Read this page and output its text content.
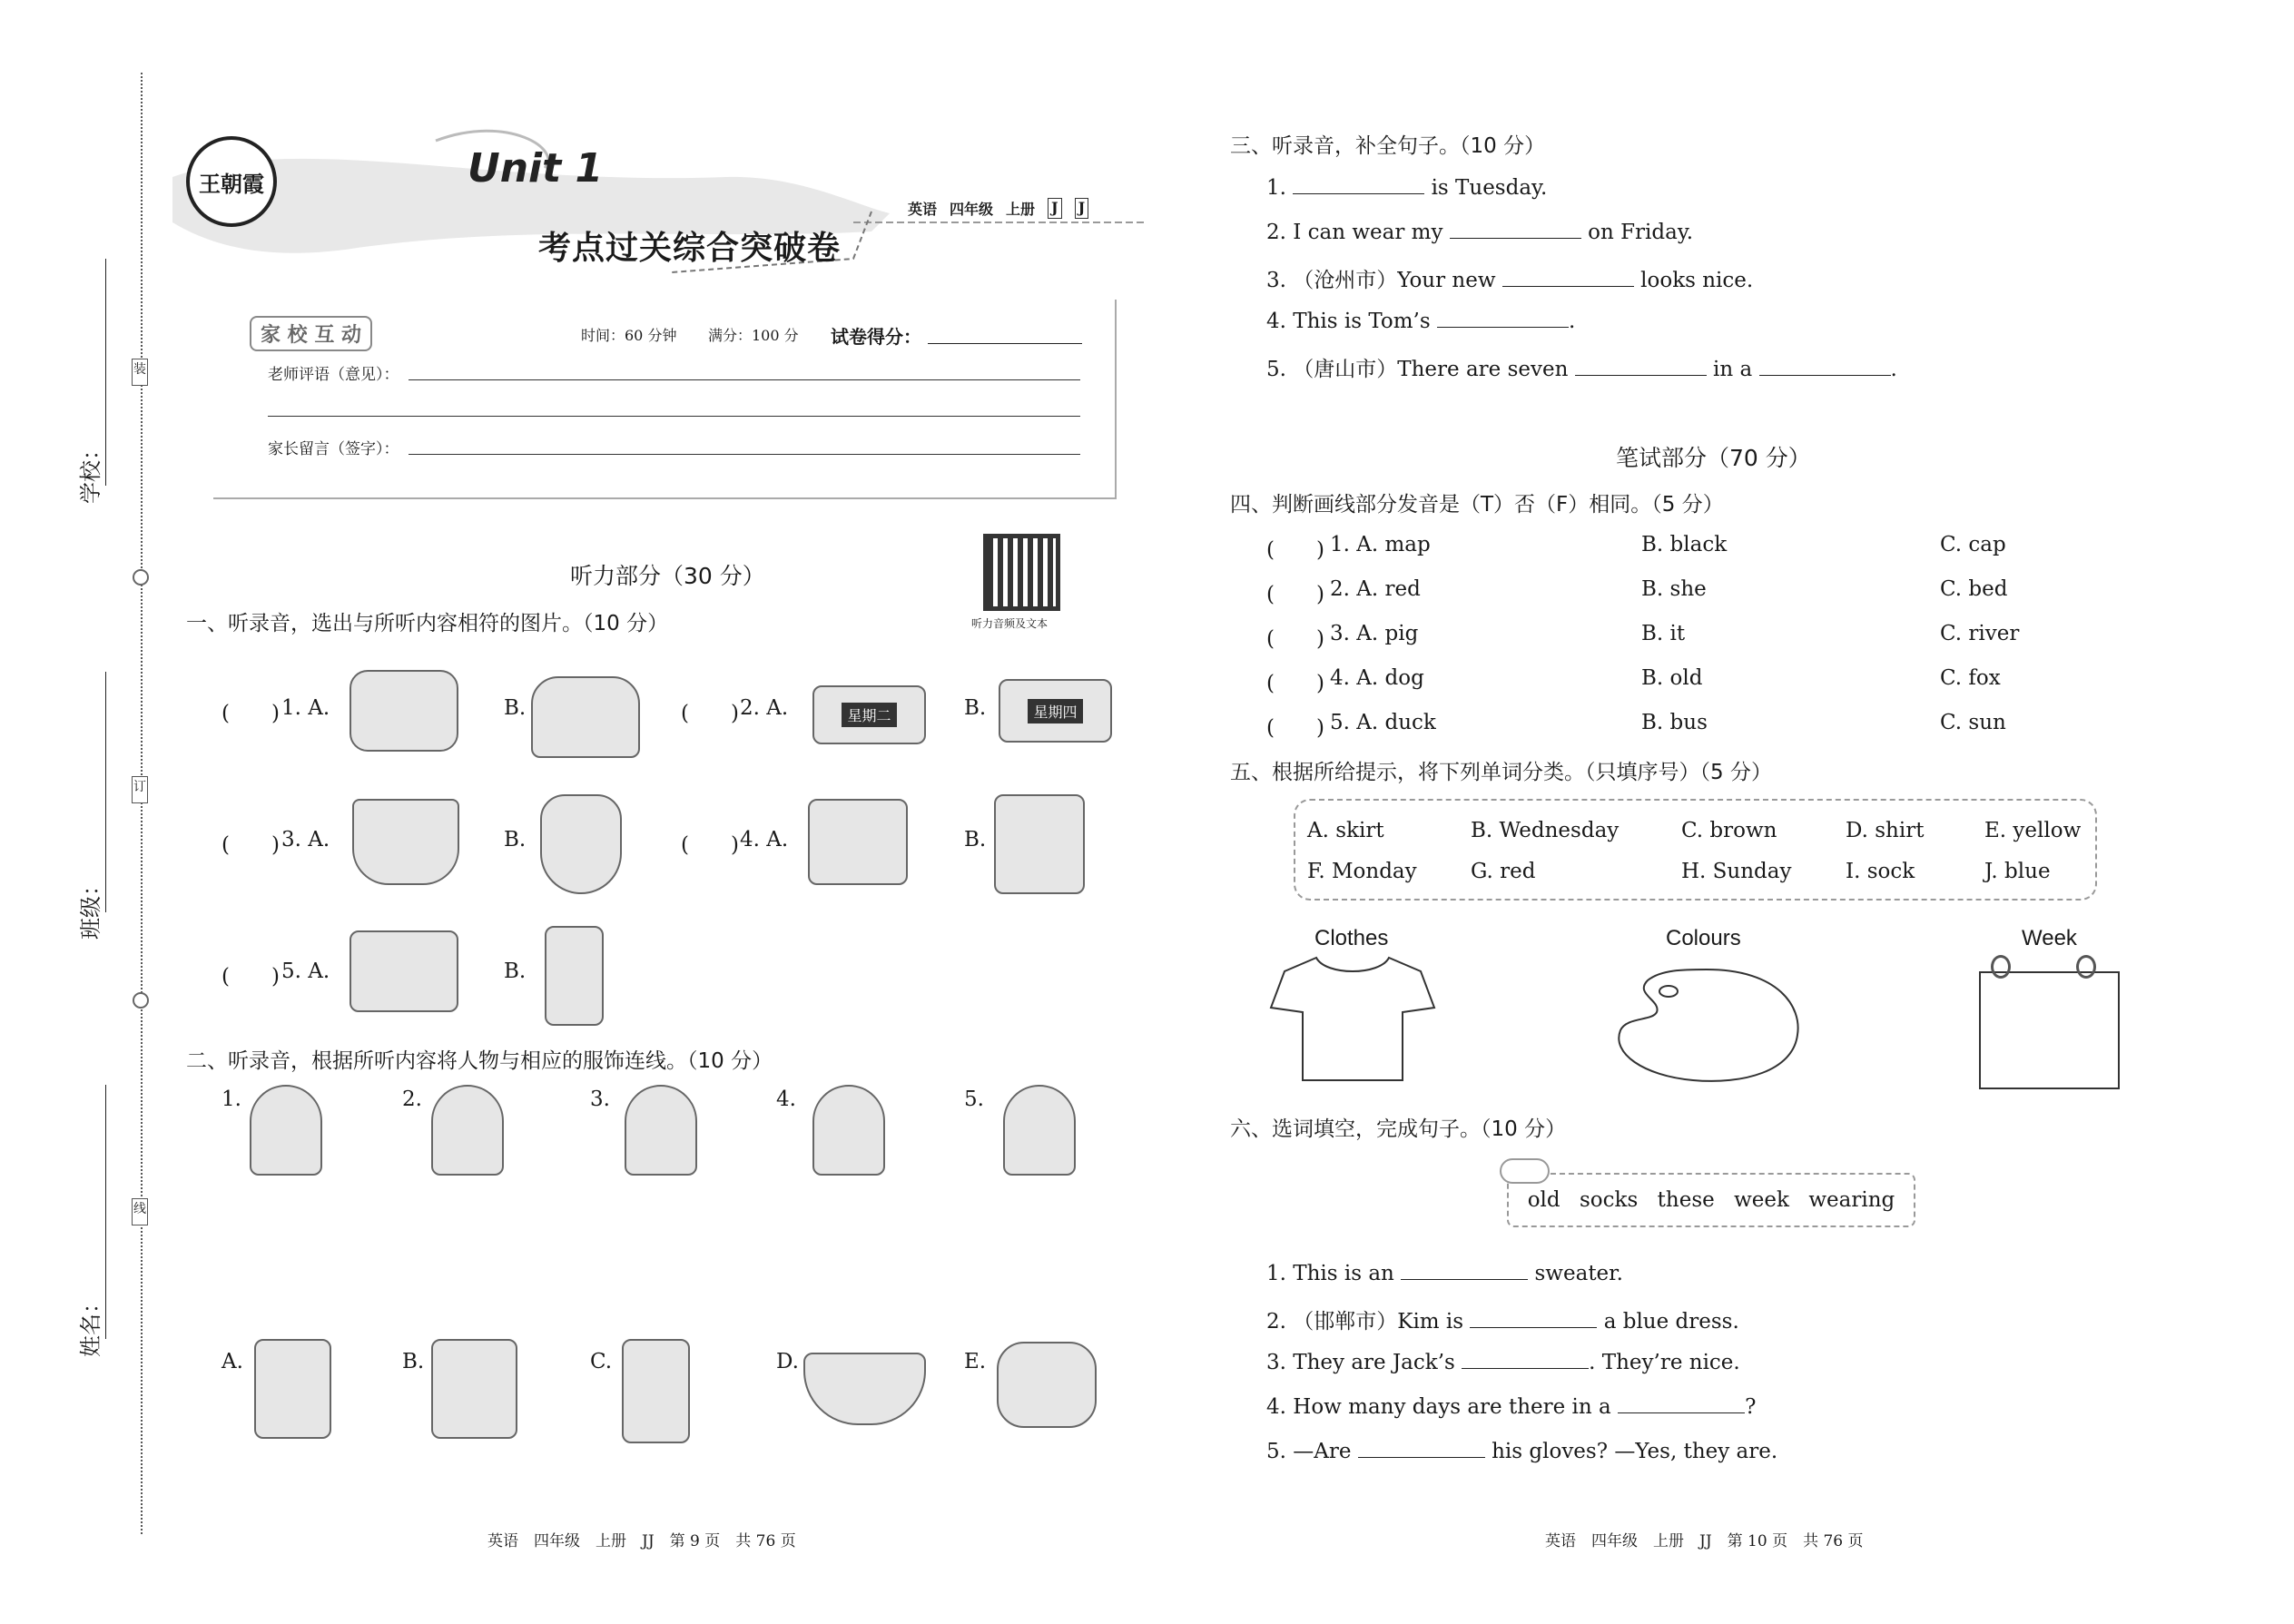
装
订
线
学校：
班级：
姓名：
王朝霞	Unit 1
考点过关综合突破卷
英语 四年级 上册 J J
家 校 互 动	时间：60 分钟 满分：100 分 试卷得分：
老师评语（意见）：
家长留言（签字）：
听力部分（30 分）
听力音频及文本
一、听录音，选出与所听内容相符的图片。（10 分）
(　　) 1. A.	B.	(　　) 2. A.	星期二	B.	星期四
(　　) 3. A.	B.	(　　) 4. A.	B.
(　　) 5. A.	B.
二、听录音，根据所听内容将人物与相应的服饰连线。（10 分）
1.	2.	3.	4.	5.
A.	B.	C.	D.	E.
英语　四年级　上册　JJ　第 9 页　共 76 页
三、听录音，补全句子。（10 分）
1.	is Tuesday.
2. I can wear my	on Friday.
3. （沧州市）Your new	looks nice.
4. This is Tom’s	.
5. （唐山市）There are seven	in a	.
笔试部分（70 分）
四、判断画线部分发音是（T）否（F）相同。（5 分）
(　　) 1. A. map	B. black	C. cap
(　　) 2. A. red	B. she	C. bed
(　　) 3. A. pig	B. it	C. river
(　　) 4. A. dog	B. old	C. fox
(　　) 5. A. duck	B. bus	C. sun
五、根据所给提示，将下列单词分类。（只填序号）（5 分）
A. skirt	B. Wednesday	C. brown	D. shirt	E. yellow
F. Monday	G. red	H. Sunday	I. sock	J. blue
Clothes	Colours	Week
六、选词填空，完成句子。（10 分）
old socks these week wearing
1. This is an	sweater.
2. （邯郸市）Kim is	a blue dress.
3. They are Jack’s	. They’re nice.
4. How many days are there in a	?
5. —Are	his gloves? —Yes, they are.
英语　四年级　上册　JJ　第 10 页　共 76 页
